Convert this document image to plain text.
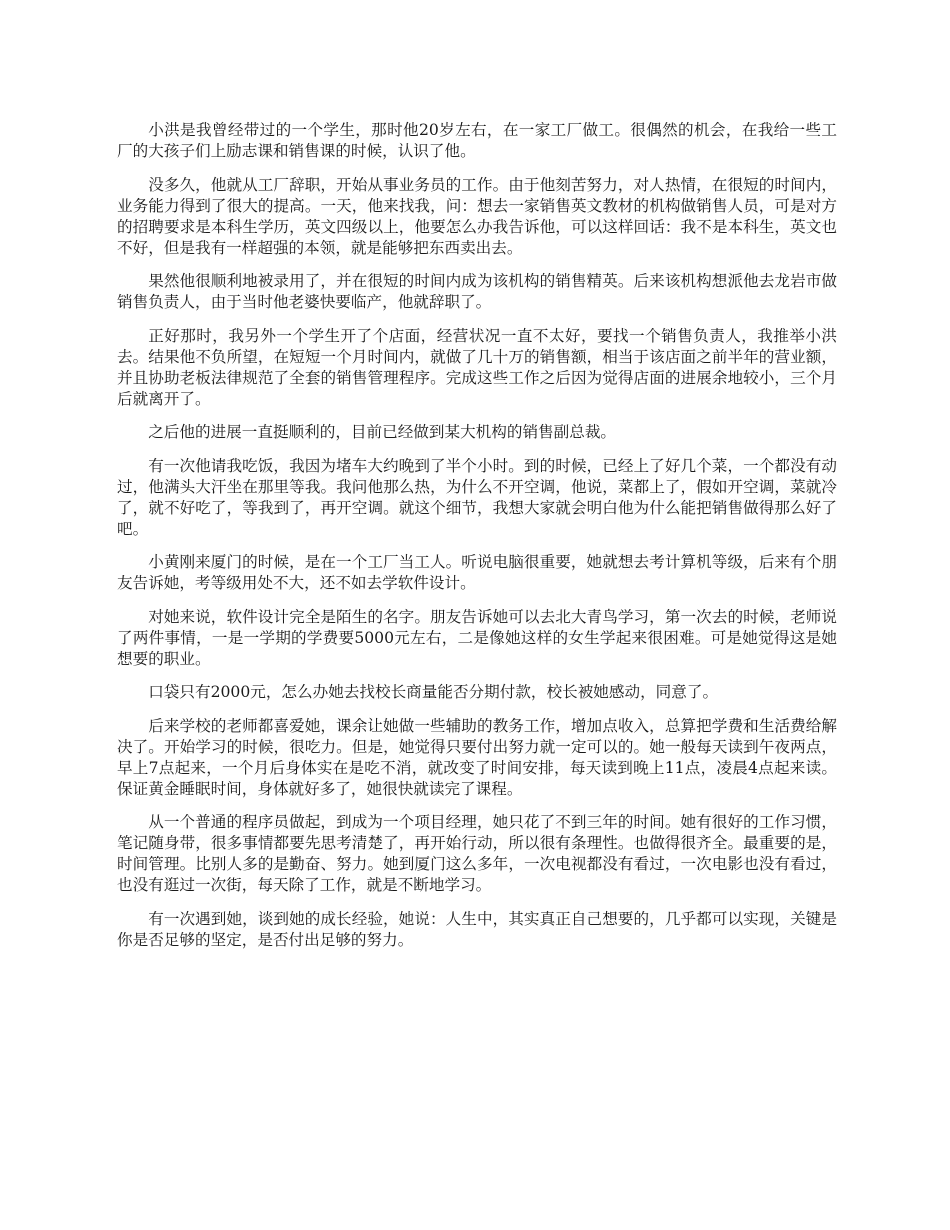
小洪是我曾经带过的一个学生，那时他20岁左右，在一家工厂做工。很偶然的机会，在我给一些工厂的大孩子们上励志课和销售课的时候，认识了他。

没多久，他就从工厂辞职，开始从事业务员的工作。由于他刻苦努力，对人热情，在很短的时间内，业务能力得到了很大的提高。一天，他来找我，问：想去一家销售英文教材的机构做销售人员，可是对方的招聘要求是本科生学历，英文四级以上，他要怎么办我告诉他，可以这样回话：我不是本科生，英文也不好，但是我有一样超强的本领，就是能够把东西卖出去。

果然他很顺利地被录用了，并在很短的时间内成为该机构的销售精英。后来该机构想派他去龙岩市做销售负责人，由于当时他老婆快要临产，他就辞职了。

正好那时，我另外一个学生开了个店面，经营状况一直不太好，要找一个销售负责人，我推举小洪去。结果他不负所望，在短短一个月时间内，就做了几十万的销售额，相当于该店面之前半年的营业额，并且协助老板法律规范了全套的销售管理程序。完成这些工作之后因为觉得店面的进展余地较小，三个月后就离开了。

之后他的进展一直挺顺利的，目前已经做到某大机构的销售副总裁。

有一次他请我吃饭，我因为堵车大约晚到了半个小时。到的时候，已经上了好几个菜，一个都没有动过，他满头大汗坐在那里等我。我问他那么热，为什么不开空调，他说，菜都上了，假如开空调，菜就冷了，就不好吃了，等我到了，再开空调。就这个细节，我想大家就会明白他为什么能把销售做得那么好了吧。

小黄刚来厦门的时候，是在一个工厂当工人。听说电脑很重要，她就想去考计算机等级，后来有个朋友告诉她，考等级用处不大，还不如去学软件设计。

对她来说，软件设计完全是陌生的名字。朋友告诉她可以去北大青鸟学习，第一次去的时候，老师说了两件事情，一是一学期的学费要5000元左右，二是像她这样的女生学起来很困难。可是她觉得这是她想要的职业。

口袋只有2000元，怎么办她去找校长商量能否分期付款，校长被她感动，同意了。

后来学校的老师都喜爱她，课余让她做一些辅助的教务工作，增加点收入，总算把学费和生活费给解决了。开始学习的时候，很吃力。但是，她觉得只要付出努力就一定可以的。她一般每天读到午夜两点，早上7点起来，一个月后身体实在是吃不消，就改变了时间安排，每天读到晚上11点，凌晨4点起来读。保证黄金睡眠时间，身体就好多了，她很快就读完了课程。

从一个普通的程序员做起，到成为一个项目经理，她只花了不到三年的时间。她有很好的工作习惯，笔记随身带，很多事情都要先思考清楚了，再开始行动，所以很有条理性。也做得很齐全。最重要的是，时间管理。比别人多的是勤奋、努力。她到厦门这么多年，一次电视都没有看过，一次电影也没有看过，也没有逛过一次街，每天除了工作，就是不断地学习。

有一次遇到她，谈到她的成长经验，她说：人生中，其实真正自己想要的，几乎都可以实现，关键是你是否足够的坚定，是否付出足够的努力。
